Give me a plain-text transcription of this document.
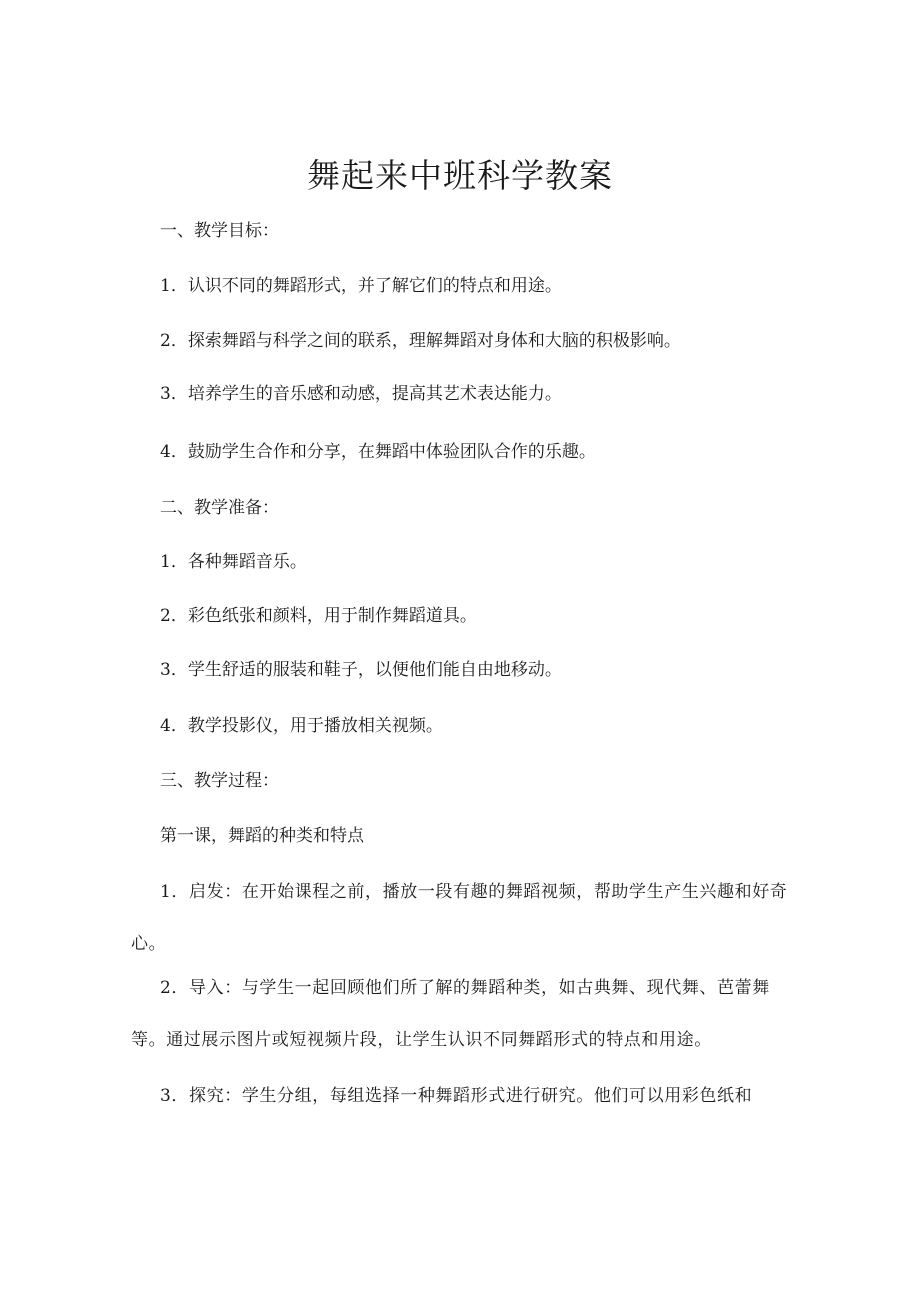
舞起来中班科学教案

一、教学目标：

1．认识不同的舞蹈形式，并了解它们的特点和用途。

2．探索舞蹈与科学之间的联系，理解舞蹈对身体和大脑的积极影响。

3．培养学生的音乐感和动感，提高其艺术表达能力。

4．鼓励学生合作和分享，在舞蹈中体验团队合作的乐趣。

二、教学准备：

1．各种舞蹈音乐。

2．彩色纸张和颜料，用于制作舞蹈道具。

3．学生舒适的服装和鞋子，以便他们能自由地移动。

4．教学投影仪，用于播放相关视频。

三、教学过程：

第一课，舞蹈的种类和特点

1．启发：在开始课程之前，播放一段有趣的舞蹈视频，帮助学生产生兴趣和好奇心。

2．导入：与学生一起回顾他们所了解的舞蹈种类，如古典舞、现代舞、芭蕾舞等。通过展示图片或短视频片段，让学生认识不同舞蹈形式的特点和用途。

3．探究：学生分组，每组选择一种舞蹈形式进行研究。他们可以用彩色纸和
